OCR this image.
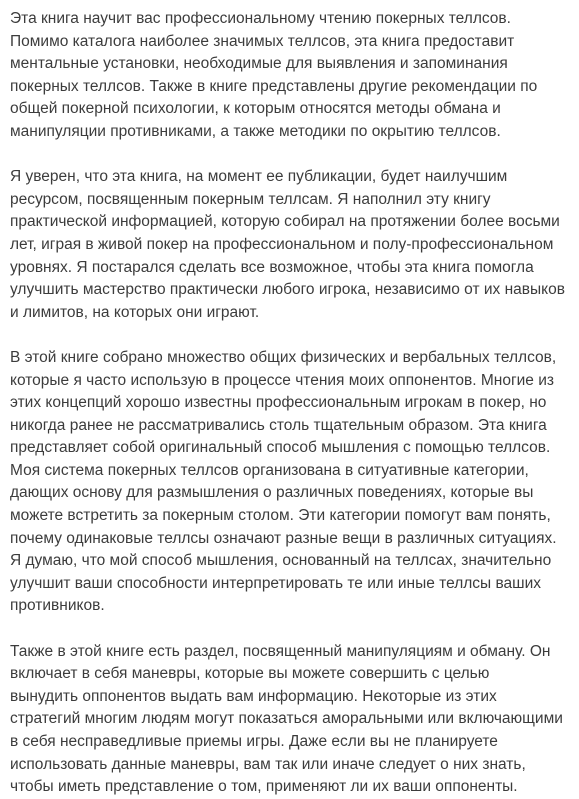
Эта книга научит вас профессиональному чтению покерных теллсов.
Помимо каталога наиболее значимых теллсов, эта книга предоставит
ментальные установки, необходимые для выявления и запоминания
покерных теллсов. Также в книге представлены другие рекомендации по
общей покерной психологии, к которым относятся методы обмана и
манипуляции противниками, а также методики по окрытию теллсов.
Я уверен, что эта книга, на момент ее публикации, будет наилучшим
ресурсом, посвященным покерным теллсам. Я наполнил эту книгу
практической информацией, которую собирал на протяжении более восьми
лет, играя в живой покер на профессиональном и полу-профессиональном
уровнях. Я постарался сделать все возможное, чтобы эта книга помогла
улучшить мастерство практически любого игрока, независимо от их навыков
и лимитов, на которых они играют.
В этой книге собрано множество общих физических и вербальных теллсов,
которые я часто использую в процессе чтения моих оппонентов. Многие из
этих концепций хорошо известны профессиональным игрокам в покер, но
никогда ранее не рассматривались столь тщательным образом. Эта книга
представляет собой оригинальный способ мышления с помощью теллсов.
Моя система покерных теллсов организована в ситуативные категории,
дающих основу для размышления о различных поведениях, которые вы
можете встретить за покерным столом. Эти категории помогут вам понять,
почему одинаковые теллсы означают разные вещи в различных ситуациях.
Я думаю, что мой способ мышления, основанный на теллсах, значительно
улучшит ваши способности интерпретировать те или иные теллсы ваших
противников.
Также в этой книге есть раздел, посвященный манипуляциям и обману. Он
включает в себя маневры, которые вы можете совершить с целью
вынудить оппонентов выдать вам информацию. Некоторые из этих
стратегий многим людям могут показаться аморальными или включающими
в себя несправедливые приемы игры. Даже если вы не планируете
использовать данные маневры, вам так или иначе следует о них знать,
чтобы иметь представление о том, применяют ли их ваши оппоненты.
